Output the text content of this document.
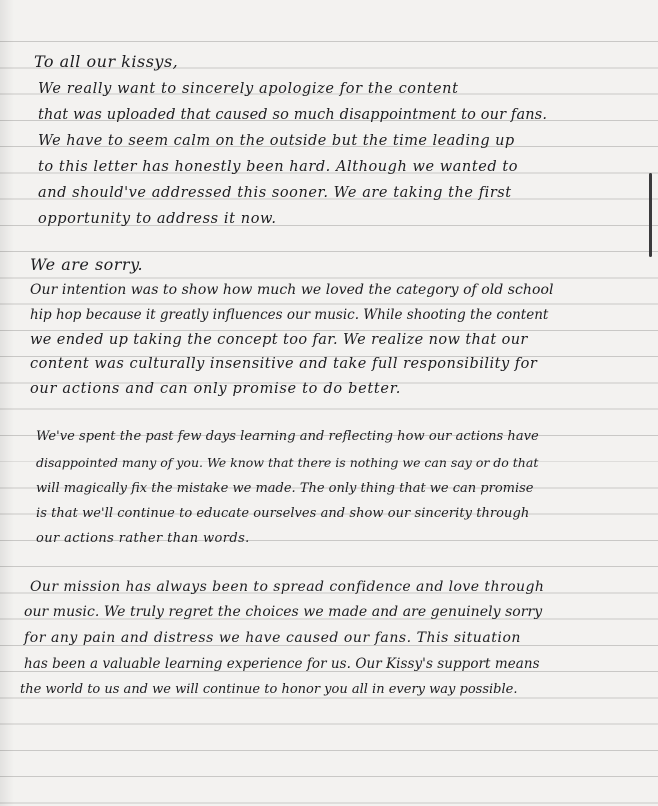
To all our kissys,
We really want to sincerely apologize for the content
that was uploaded that caused so much disappointment to our fans.
We have to seem calm on the outside but the time leading up
to this letter has honestly been hard. Although we wanted to
and should've addressed this sooner. We are taking the first
opportunity to address it now.
We are sorry.
Our intention was to show how much we loved the category of old school
hip hop because it greatly influences our music. While shooting the content
we ended up taking the concept too far. We realize now that our
content was culturally insensitive and take full responsibility for
our actions and can only promise to do better.
We've spent the past few days learning and reflecting how our actions have
disappointed many of you. We know that there is nothing we can say or do that
will magically fix the mistake we made. The only thing that we can promise
is that we'll continue to educate ourselves and show our sincerity through
our actions rather than words.
Our mission has always been to spread confidence and love through
our music. We truly regret the choices we made and are genuinely sorry
for any pain and distress we have caused our fans. This situation
has been a valuable learning experience for us. Our Kissy's support means
the world to us and we will continue to honor you all in every way possible.
